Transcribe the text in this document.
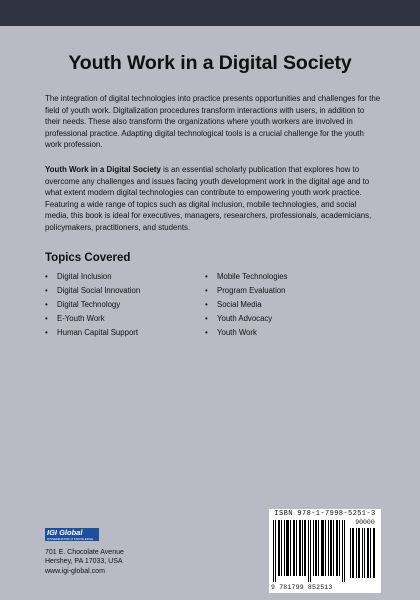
Youth Work in a Digital Society

The integration of digital technologies into practice presents opportunities and challenges for the field of youth work. Digitalization procedures transform interactions with users, in addition to their needs. These also transform the organizations where youth workers are involved in professional practice. Adapting digital technological tools is a crucial challenge for the youth work profession.

Youth Work in a Digital Society is an essential scholarly publication that explores how to overcome any challenges and issues facing youth development work in the digital age and to what extent modern digital technologies can contribute to empowering youth work practice. Featuring a wide range of topics such as digital inclusion, mobile technologies, and social media, this book is ideal for executives, managers, researchers, professionals, academicians, policymakers, practitioners, and students.

Topics Covered
• Digital Inclusion
• Digital Social Innovation
• Digital Technology
• E-Youth Work
• Human Capital Support
• Mobile Technologies
• Program Evaluation
• Social Media
• Youth Advocacy
• Youth Work
IGI Global
DISSEMINATOR of KNOWLEDGE
701 E. Chocolate Avenue
Hershey, PA 17033, USA
www.igi-global.com
ISBN 978-1-7998-5251-3
90000
9 781799 852513
